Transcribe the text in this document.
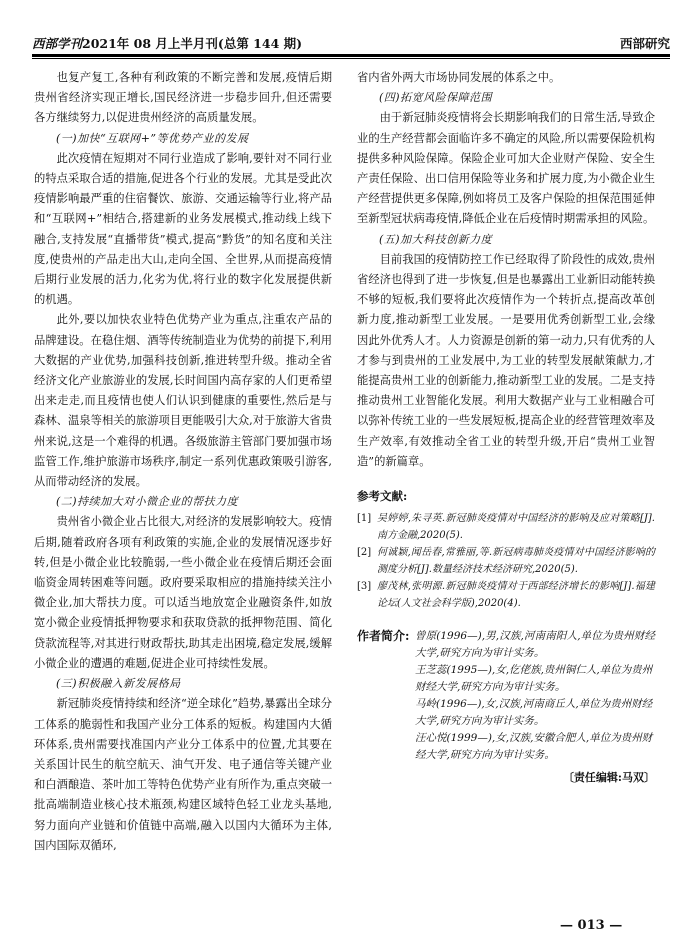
西部学刊2021年 08 月上半月刊(总第 144 期)	西部研究

也复产复工,各种有利政策的不断完善和发展,疫情后期贵州省经济实现正增长,国民经济进一步稳步回升,但还需要各方继续努力,以促进贵州经济的高质量发展。

(一)加快“互联网+”等优势产业的发展

此次疫情在短期对不同行业造成了影响,要针对不同行业的特点采取合适的措施,促进各个行业的发展。尤其是受此次疫情影响最严重的住宿餐饮、旅游、交通运输等行业,将产品和“互联网+”相结合,搭建新的业务发展模式,推动线上线下融合,支持发展“直播带货”模式,提高“黔货”的知名度和关注度,使贵州的产品走出大山,走向全国、全世界,从而提高疫情后期行业发展的活力,化劣为优,将行业的数字化发展提供新的机遇。

此外,要以加快农业特色优势产业为重点,注重农产品的品牌建设。在稳住烟、酒等传统制造业为优势的前提下,利用大数据的产业优势,加强科技创新,推进转型升级。推动全省经济文化产业旅游业的发展,长时间国内高存家的人们更希望出来走走,而且疫情也使人们认识到健康的重要性,然后是与森林、温泉等相关的旅游项目更能吸引大众,对于旅游大省贵州来说,这是一个难得的机遇。各级旅游主管部门要加强市场监管工作,维护旅游市场秩序,制定一系列优惠政策吸引游客,从而带动经济的发展。

(二)持续加大对小微企业的帮扶力度

贵州省小微企业占比很大,对经济的发展影响较大。疫情后期,随着政府各项有利政策的实施,企业的发展情况逐步好转,但是小微企业比较脆弱,一些小微企业在疫情后期还会面临资金周转困难等问题。政府要采取相应的措施持续关注小微企业,加大帮扶力度。可以适当地放宽企业融资条件,如放宽小微企业疫情抵押物要求和获取贷款的抵押物范围、简化贷款流程等,对其进行财政帮扶,助其走出困境,稳定发展,缓解小微企业的遭遇的难题,促进企业可持续性发展。

(三)积极融入新发展格局

新冠肺炎疫情持续和经济“逆全球化”趋势,暴露出全球分工体系的脆弱性和我国产业分工体系的短板。构建国内大循环体系,贵州需要找准国内产业分工体系中的位置,尤其要在关系国计民生的航空航天、油气开发、电子通信等关键产业和白酒酿造、茶叶加工等特色优势产业有所作为,重点突破一批高端制造业核心技术瓶颈,构建区域特色轻工业龙头基地,努力面向产业链和价值链中高端,融入以国内大循环为主体,国内国际双循环,

省内省外两大市场协同发展的体系之中。

(四)拓宽风险保障范围

由于新冠肺炎疫情将会长期影响我们的日常生活,导致企业的生产经营都会面临许多不确定的风险,所以需要保险机构提供多种风险保障。保险企业可加大企业财产保险、安全生产责任保险、出口信用保险等业务和扩展力度,为小微企业生产经营提供更多保障,例如将员工及客户保险的担保范围延伸至新型冠状病毒疫情,降低企业在后疫情时期需承担的风险。

(五)加大科技创新力度

目前我国的疫情防控工作已经取得了阶段性的成效,贵州省经济也得到了进一步恢复,但是也暴露出工业新旧动能转换不够的短板,我们要将此次疫情作为一个转折点,提高改革创新力度,推动新型工业发展。一是要用优秀创新型工业,会缘因此外优秀人才。人力资源是创新的第一动力,只有优秀的人才参与到贵州的工业发展中,为工业的转型发展献策献力,才能提高贵州工业的创新能力,推动新型工业的发展。二是支持推动贵州工业智能化发展。利用大数据产业与工业相融合可以弥补传统工业的一些发展短板,提高企业的经营管理效率及生产效率,有效推动全省工业的转型升级,开启“贵州工业智造”的新篇章。

参考文献:

[1] 吴婷婷,朱寻英.新冠肺炎疫情对中国经济的影响及应对策略[J].南方金融,2020(5).

[2] 何诚颖,闻岳春,常雅丽,等.新冠病毒肺炎疫情对中国经济影响的测度分析[J].数量经济技术经济研究,2020(5).

[3] 廖茂林,张明源.新冠肺炎疫情对于西部经济增长的影响[J].福建论坛(人文社会科学版),2020(4).

作者简介: 曾原(1996—),男,汉族,河南南阳人,单位为贵州财经大学,研究方向为审计实务。
王芝蕊(1995—),女,仡佬族,贵州铜仁人,单位为贵州财经大学,研究方向为审计实务。
马岭(1996—),女,汉族,河南商丘人,单位为贵州财经大学,研究方向为审计实务。
汪心悦(1999—),女,汉族,安徽合肥人,单位为贵州财经大学,研究方向为审计实务。
〔责任编辑:马双〕
— 013 —
